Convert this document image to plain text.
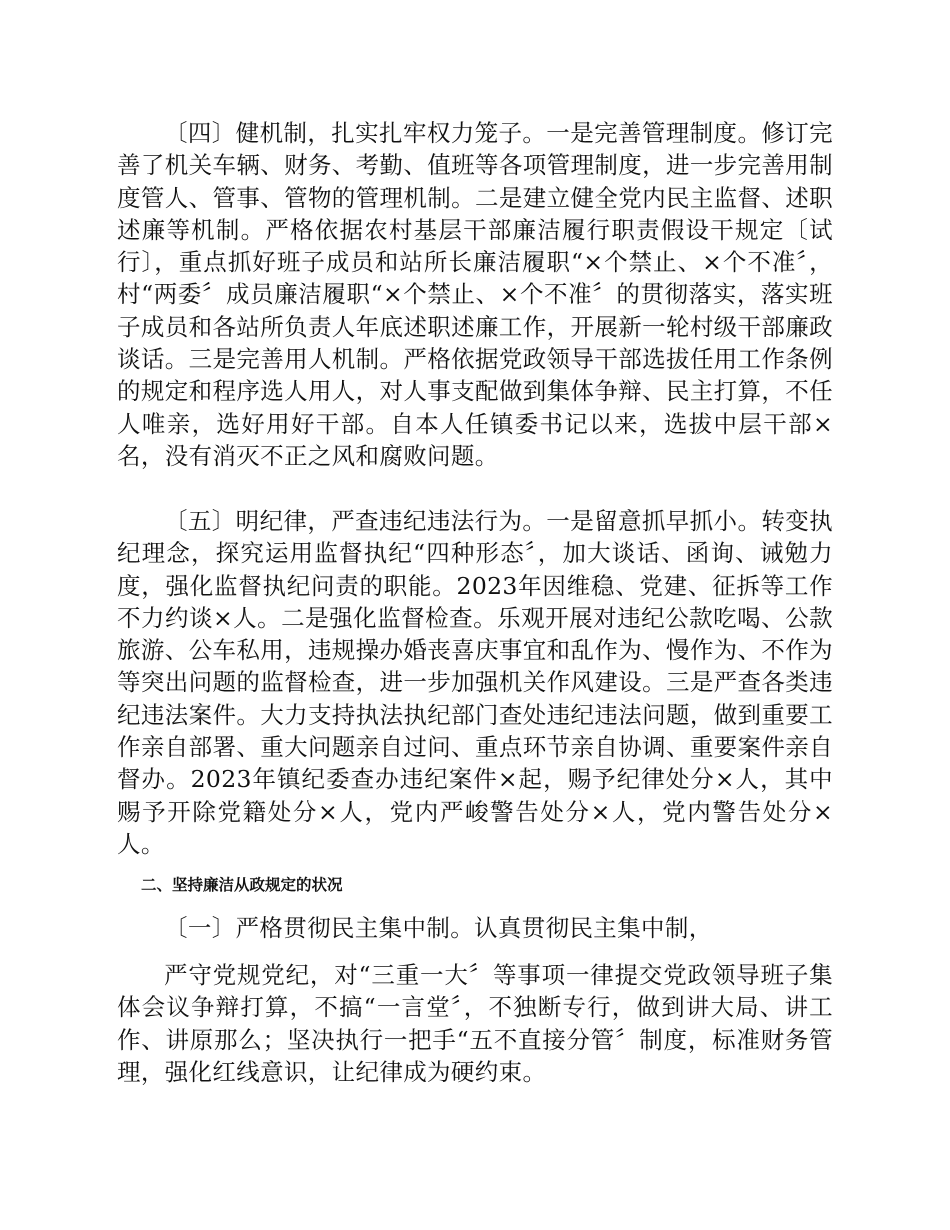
〔四〕健机制，扎实扎牢权力笼子。一是完善管理制度。修订完善了机关车辆、财务、考勤、值班等各项管理制度，进一步完善用制度管人、管事、管物的管理机制。二是建立健全党内民主监督、述职述廉等机制。严格依据农村基层干部廉洁履行职责假设干规定〔试行〕，重点抓好班子成员和站所长廉洁履职“×个禁止、×个不准〞，村“两委〞成员廉洁履职“×个禁止、×个不准〞的贯彻落实，落实班子成员和各站所负责人年底述职述廉工作，开展新一轮村级干部廉政谈话。三是完善用人机制。严格依据党政领导干部选拔任用工作条例的规定和程序选人用人，对人事支配做到集体争辩、民主打算，不任人唯亲，选好用好干部。自本人任镇委书记以来，选拔中层干部×名，没有消灭不正之风和腐败问题。

〔五〕明纪律，严查违纪违法行为。一是留意抓早抓小。转变执纪理念，探究运用监督执纪“四种形态〞，加大谈话、函询、诫勉力度，强化监督执纪问责的职能。2023年因维稳、党建、征拆等工作不力约谈×人。二是强化监督检查。乐观开展对违纪公款吃喝、公款旅游、公车私用，违规操办婚丧喜庆事宜和乱作为、慢作为、不作为等突出问题的监督检查，进一步加强机关作风建设。三是严查各类违纪违法案件。大力支持执法执纪部门查处违纪违法问题，做到重要工作亲自部署、重大问题亲自过问、重点环节亲自协调、重要案件亲自督办。2023年镇纪委查办违纪案件×起，赐予纪律处分×人，其中赐予开除党籍处分×人，党内严峻警告处分×人，党内警告处分×人。

二、坚持廉洁从政规定的状况

〔一〕严格贯彻民主集中制。认真贯彻民主集中制，

严守党规党纪，对“三重一大〞等事项一律提交党政领导班子集体会议争辩打算，不搞“一言堂〞，不独断专行，做到讲大局、讲工作、讲原那么；坚决执行一把手“五不直接分管〞制度，标准财务管理，强化红线意识，让纪律成为硬约束。
